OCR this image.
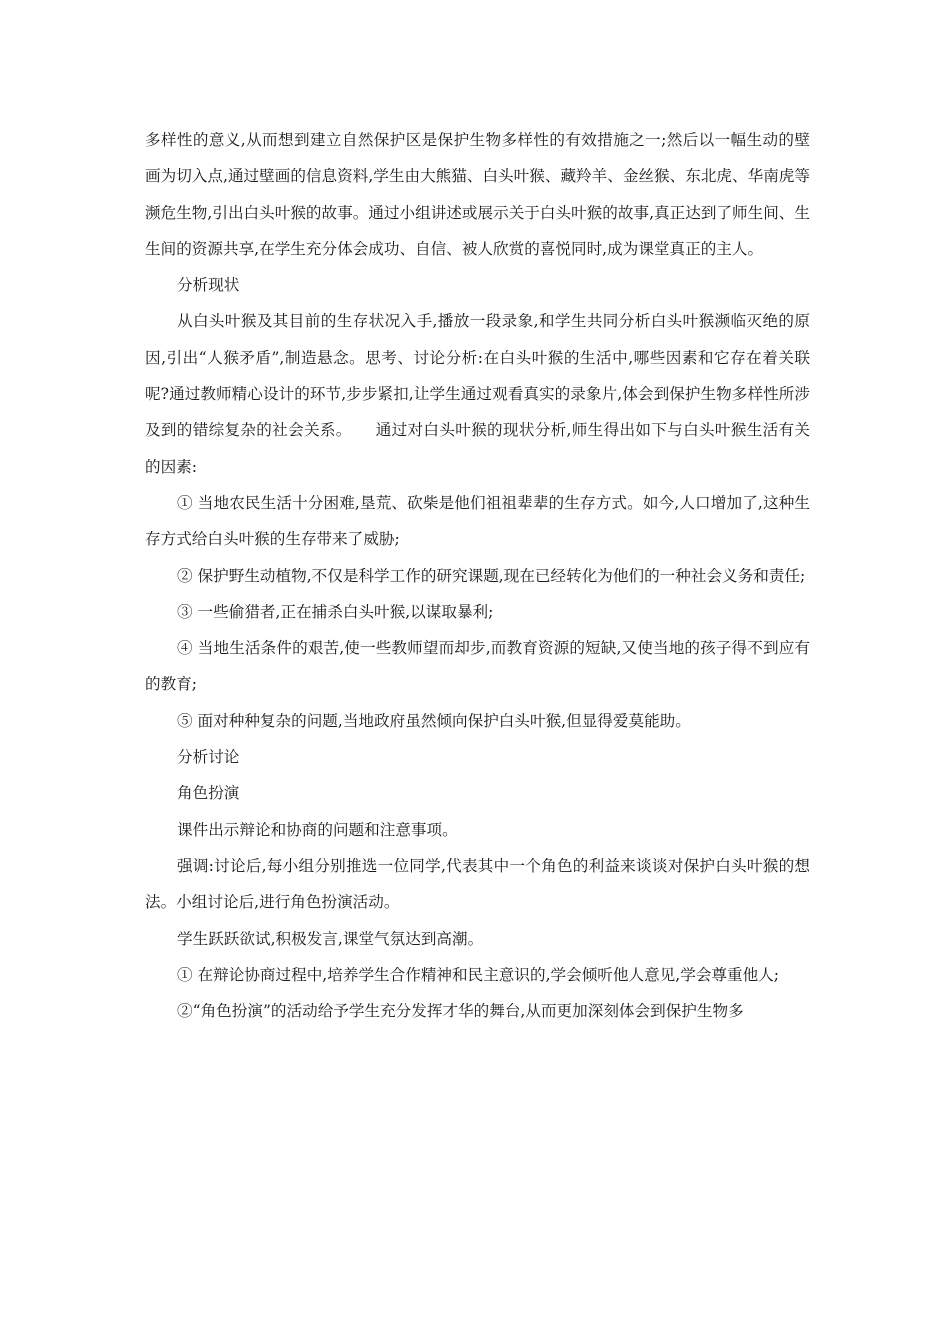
多样性的意义,从而想到建立自然保护区是保护生物多样性的有效措施之一;然后以一幅生动的壁画为切入点,通过壁画的信息资料,学生由大熊猫、白头叶猴、藏羚羊、金丝猴、东北虎、华南虎等濒危生物,引出白头叶猴的故事。通过小组讲述或展示关于白头叶猴的故事,真正达到了师生间、生生间的资源共享,在学生充分体会成功、自信、被人欣赏的喜悦同时,成为课堂真正的主人。

分析现状

从白头叶猴及其目前的生存状况入手,播放一段录象,和学生共同分析白头叶猴濒临灭绝的原因,引出“人猴矛盾”,制造悬念。思考、讨论分析:在白头叶猴的生活中,哪些因素和它存在着关联呢?通过教师精心设计的环节,步步紧扣,让学生通过观看真实的录象片,体会到保护生物多样性所涉及到的错综复杂的社会关系。　　通过对白头叶猴的现状分析,师生得出如下与白头叶猴生活有关的因素:

① 当地农民生活十分困难,垦荒、砍柴是他们祖祖辈辈的生存方式。如今,人口增加了,这种生存方式给白头叶猴的生存带来了威胁;

② 保护野生动植物,不仅是科学工作的研究课题,现在已经转化为他们的一种社会义务和责任;

③ 一些偷猎者,正在捕杀白头叶猴,以谋取暴利;

④ 当地生活条件的艰苦,使一些教师望而却步,而教育资源的短缺,又使当地的孩子得不到应有的教育;

⑤ 面对种种复杂的问题,当地政府虽然倾向保护白头叶猴,但显得爱莫能助。

分析讨论

角色扮演

课件出示辩论和协商的问题和注意事项。

强调:讨论后,每小组分别推选一位同学,代表其中一个角色的利益来谈谈对保护白头叶猴的想法。小组讨论后,进行角色扮演活动。

学生跃跃欲试,积极发言,课堂气氛达到高潮。

① 在辩论协商过程中,培养学生合作精神和民主意识的,学会倾听他人意见,学会尊重他人;

②“角色扮演”的活动给予学生充分发挥才华的舞台,从而更加深刻体会到保护生物多
